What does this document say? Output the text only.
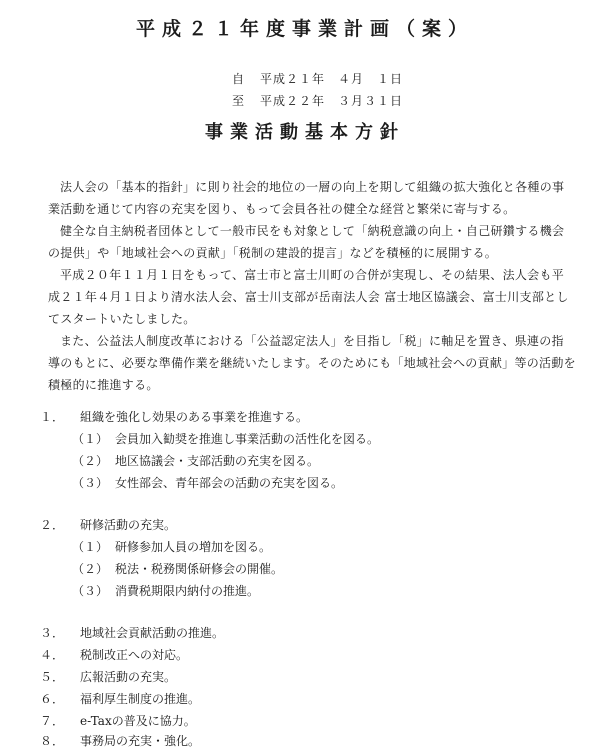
平成２１年度事業計画（案）
自 平成２１年　４月　１日
至 平成２２年　３月３１日
事業活動基本方針

法人会の「基本的指針」に則り社会的地位の一層の向上を期して組織の拡大強化と各種の事業活動を通じて内容の充実を図り、もって会員各社の健全な経営と繁栄に寄与する。

健全な自主納税者団体として一般市民をも対象として「納税意識の向上・自己研鑽する機会の提供」や「地域社会への貢献」「税制の建設的提言」などを積極的に展開する。

平成２０年１１月１日をもって、富士市と富士川町の合併が実現し、その結果、法人会も平成２１年４月１日より清水法人会、富士川支部が岳南法人会 富士地区協議会、富士川支部としてスタートいたしました。

また、公益法人制度改革における「公益認定法人」を目指し「税」に軸足を置き、県連の指導のもとに、必要な準備作業を継続いたします。そのためにも「地域社会への貢献」等の活動を積極的に推進する。

１． 組織を強化し効果のある事業を推進する。
（１） 会員加入勧奨を推進し事業活動の活性化を図る。
（２） 地区協議会・支部活動の充実を図る。
（３） 女性部会、青年部会の活動の充実を図る。
２． 研修活動の充実。
（１） 研修参加人員の増加を図る。
（２） 税法・税務関係研修会の開催。
（３） 消費税期限内納付の推進。
３． 地域社会貢献活動の推進。
４． 税制改正への対応。
５． 広報活動の充実。
６． 福利厚生制度の推進。
７． e-Taxの普及に協力。
８． 事務局の充実・強化。
